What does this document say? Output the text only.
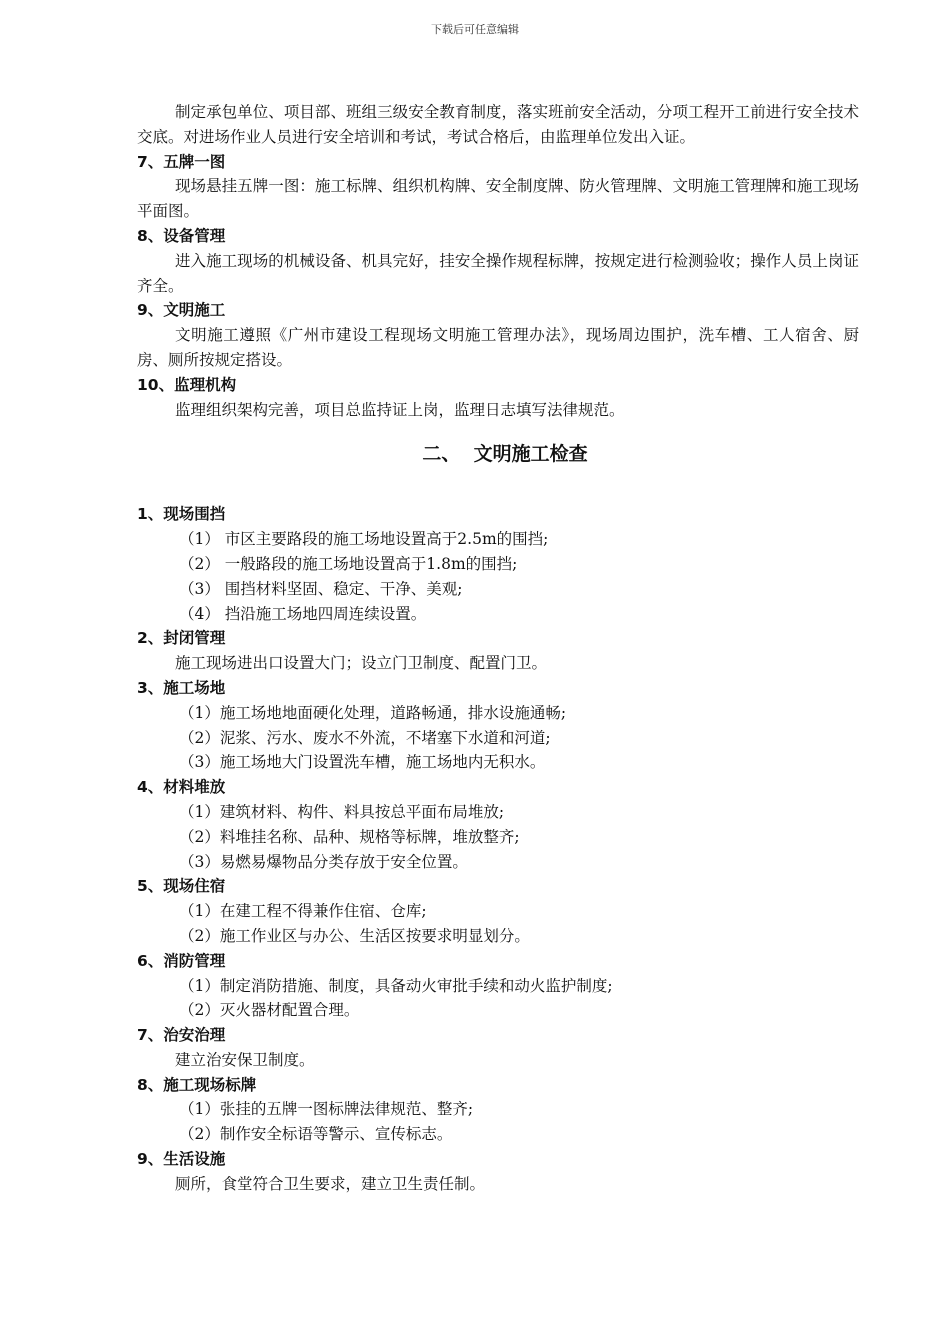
下载后可任意编辑
制定承包单位、项目部、班组三级安全教育制度，落实班前安全活动，分项工程开工前进行安全技术交底。对进场作业人员进行安全培训和考试，考试合格后，由监理单位发出入证。
7、五牌一图
现场悬挂五牌一图：施工标牌、组织机构牌、安全制度牌、防火管理牌、文明施工管理牌和施工现场平面图。
8、设备管理
进入施工现场的机械设备、机具完好，挂安全操作规程标牌，按规定进行检测验收；操作人员上岗证齐全。
9、文明施工
文明施工遵照《广州市建设工程现场文明施工管理办法》，现场周边围护，洗车槽、工人宿舍、厨房、厕所按规定搭设。
10、监理机构
监理组织架构完善，项目总监持证上岗，监理日志填写法律规范。
二、  文明施工检查
1、现场围挡
（1） 市区主要路段的施工场地设置高于2.5m的围挡;
（2） 一般路段的施工场地设置高于1.8m的围挡;
（3） 围挡材料坚固、稳定、干净、美观;
（4） 挡沿施工场地四周连续设置。
2、封闭管理
施工现场进出口设置大门；设立门卫制度、配置门卫。
3、施工场地
（1）施工场地地面硬化处理，道路畅通，排水设施通畅;
（2）泥浆、污水、废水不外流，不堵塞下水道和河道;
（3）施工场地大门设置洗车槽，施工场地内无积水。
4、材料堆放
（1）建筑材料、构件、料具按总平面布局堆放;
（2）料堆挂名称、品种、规格等标牌，堆放整齐;
（3）易燃易爆物品分类存放于安全位置。
5、现场住宿
（1）在建工程不得兼作住宿、仓库;
（2）施工作业区与办公、生活区按要求明显划分。
6、消防管理
（1）制定消防措施、制度，具备动火审批手续和动火监护制度;
（2）灭火器材配置合理。
7、治安治理
建立治安保卫制度。
8、施工现场标牌
（1）张挂的五牌一图标牌法律规范、整齐;
（2）制作安全标语等警示、宣传标志。
9、生活设施
厕所，食堂符合卫生要求，建立卫生责任制。
